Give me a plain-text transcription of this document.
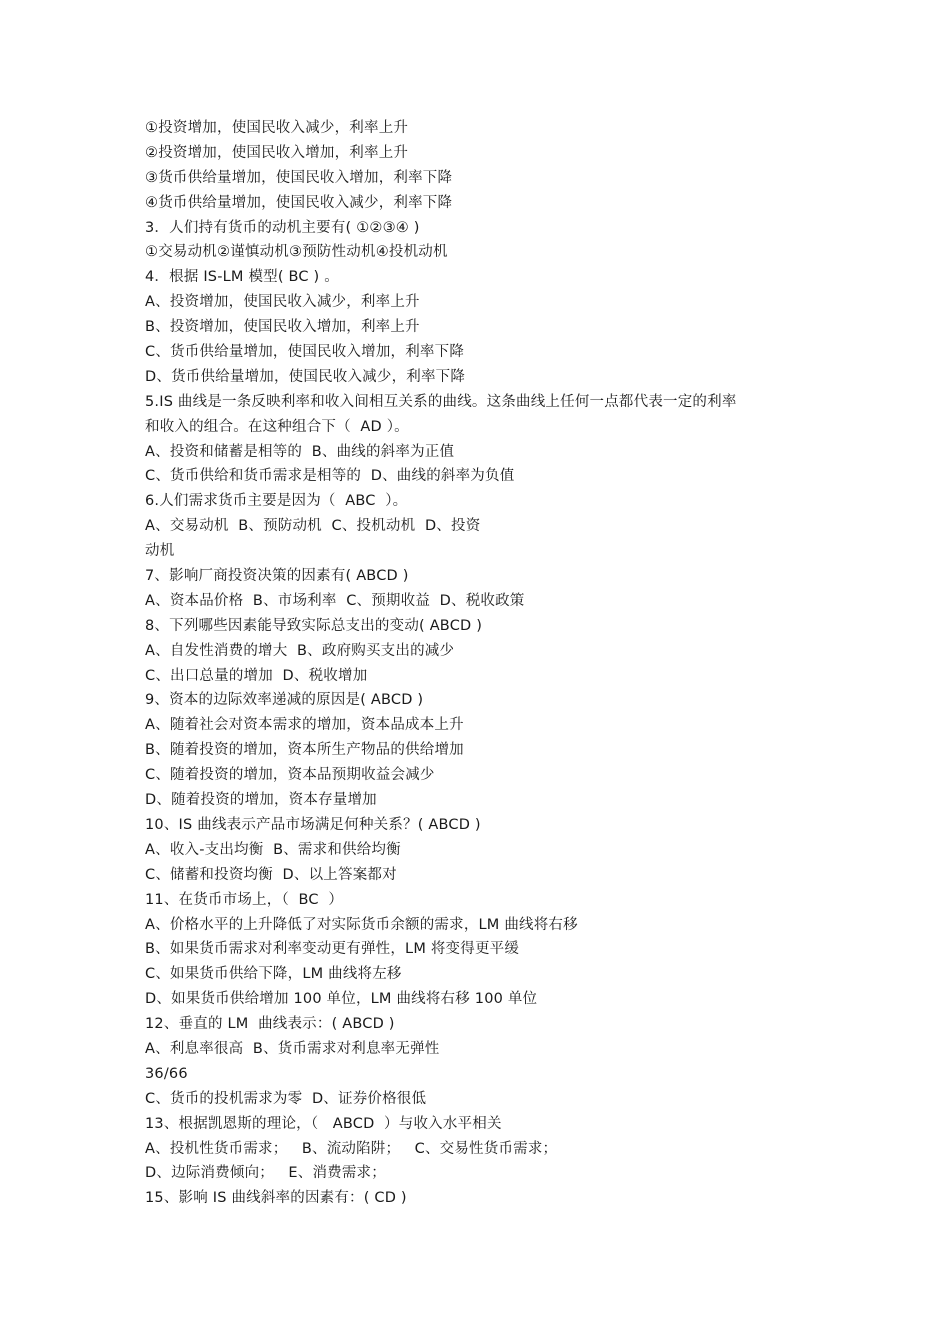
①投资增加，使国民收入减少，利率上升
②投资增加，使国民收入增加，利率上升
③货币供给量增加，使国民收入增加，利率下降
④货币供给量增加，使国民收入减少，利率下降
3．人们持有货币的动机主要有( ①②③④ )
①交易动机②谨慎动机③预防性动机④投机动机
4．根据 IS-LM 模型( BC ) 。
A、投资增加，使国民收入减少，利率上升
B、投资增加，使国民收入增加，利率上升
C、货币供给量增加，使国民收入增加，利率下降
D、货币供给量增加，使国民收入减少，利率下降
5.IS 曲线是一条反映利率和收入间相互关系的曲线。这条曲线上任何一点都代表一定的利率
和收入的组合。在这种组合下（  AD ）。
A、投资和储蓄是相等的  B、曲线的斜率为正值
C、货币供给和货币需求是相等的  D、曲线的斜率为负值
6.人们需求货币主要是因为（  ABC  ）。
A、交易动机  B、预防动机  C、投机动机  D、投资
动机
7、影响厂商投资决策的因素有( ABCD )
A、资本品价格  B、市场利率  C、预期收益  D、税收政策
8、下列哪些因素能导致实际总支出的变动( ABCD )
A、自发性消费的增大  B、政府购买支出的减少
C、出口总量的增加  D、税收增加
9、资本的边际效率递减的原因是( ABCD )
A、随着社会对资本需求的增加，资本品成本上升
B、随着投资的增加，资本所生产物品的供给增加
C、随着投资的增加，资本品预期收益会减少
D、随着投资的增加，资本存量增加
10、IS 曲线表示产品市场满足何种关系？( ABCD )
A、收入-支出均衡  B、需求和供给均衡
C、储蓄和投资均衡  D、以上答案都对
11、在货币市场上，（  BC  ）
A、价格水平的上升降低了对实际货币余额的需求，LM 曲线将右移
B、如果货币需求对利率变动更有弹性，LM 将变得更平缓
C、如果货币供给下降，LM 曲线将左移
D、如果货币供给增加 100 单位，LM 曲线将右移 100 单位
12、垂直的 LM  曲线表示：( ABCD )
A、利息率很高  B、货币需求对利息率无弹性
36/66
C、货币的投机需求为零  D、证券价格很低
13、根据凯恩斯的理论，（   ABCD  ）与收入水平相关
A、投机性货币需求；   B、流动陷阱；   C、交易性货币需求；
D、边际消费倾向；   E、消费需求；
15、影响 IS 曲线斜率的因素有：( CD )
